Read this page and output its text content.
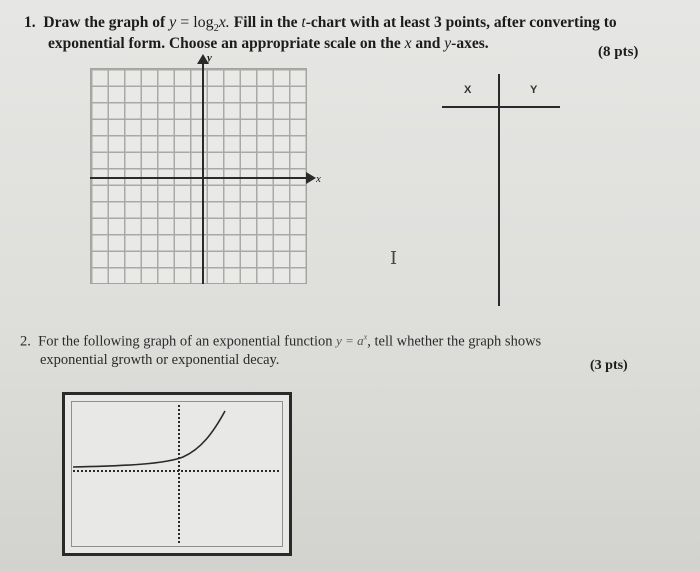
1. Draw the graph of $y = \log_2x$. Fill in the t-chart with at least 3 points, after converting to
exponential form. Choose an appropriate scale on the x and y-axes.	(8 pts)
y
x
X	Y
I
2. For the following graph of an exponential function $y = a^x$, tell whether the graph shows
exponential growth or exponential decay.	(3 pts)
